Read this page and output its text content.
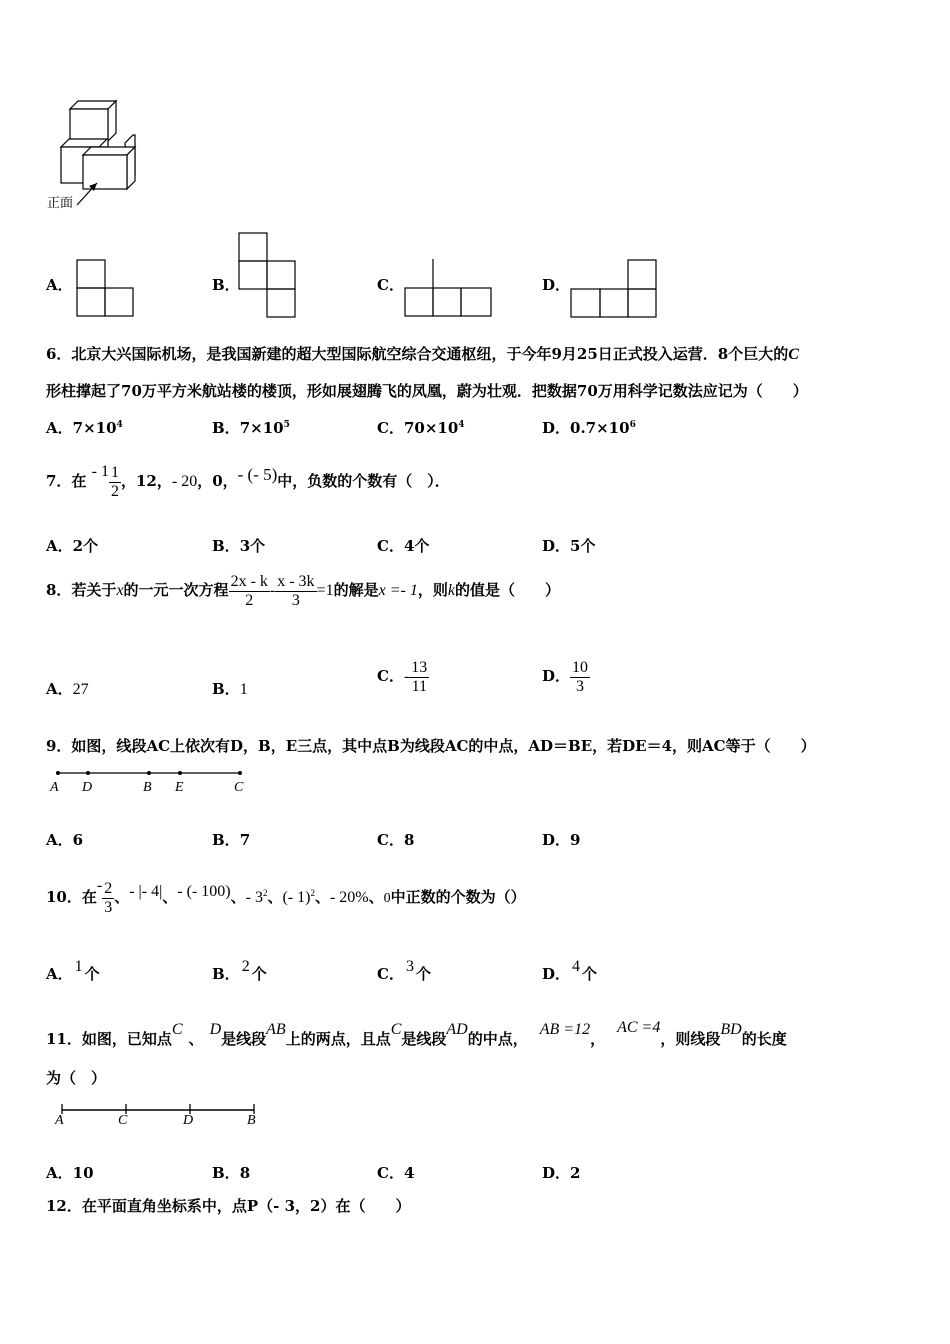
正面
A．	B．	C．	D．
6．北京大兴国际机场，是我国新建的超大型国际航空综合交通枢纽，于今年9月25日正式投入运营．8个巨大的C
形柱撑起了70万平方米航站楼的楼顶，形如展翅腾飞的凤凰，蔚为壮观．把数据70万用科学记数法应记为（　　）
A．$7\times 10^4$	B．$7\times 10^5$	C．$70\times 10^4$	D．$0.7\times 10^6$
7．在 - $1 \frac{1}{2}$ ，12，- 20，0，- (- 5)中，负数的个数有（　）．
A．2个	B．3个	C．4个	D．5个
8．若关于x的一元一次方程 $\frac{2x - k}{2} - \frac{x - 3k}{3} =1$的解是x =- 1，则k的值是（　　）
A．27	B．1
C．- $\frac{13}{11}$	D． $\frac{10}{3}$
9．如图，线段AC上依次有D，B，E三点，其中点B为线段AC的中点，AD＝BE，若DE＝4，则AC等于（　　）
A D	B E	C
A．6	B．7	C．8	D．9
10．在- $\frac{2}{3}$ 、- |- 4|、- (- 100)、- $3^2$、(- 1)$^2$、- 20%、0中正数的个数为（）
A． 1 个	B． 2 个	C． 3 个	D． 4 个
11．如图，已知点C、D是线段AB上的两点，且点C是线段AD的中点，AB =12，AC =4，则线段BD的长度
为（　）
A	C	D	B
A．10	B．8	C．4	D．2
12．在平面直角坐标系中，点P（- 3，2）在（　　）
